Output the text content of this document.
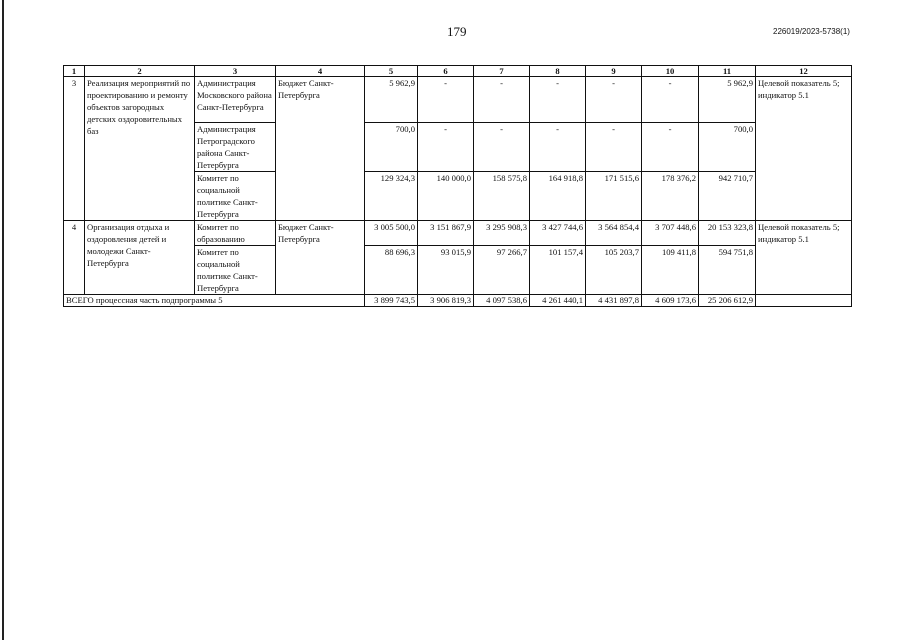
179	226019/2023-5738(1)
1	2	3	4	5	6	7	8	9	10	11	12
3	Реализация мероприятий по проектированию и ремонту объектов загородных детских оздоровительных баз	Администрация Московского района Санкт-Петербурга	Бюджет Санкт-Петербурга	5 962,9	-	-	-	-	-	5 962,9	Целевой показатель 5; индикатор 5.1
		Администрация Петроградского района Санкт-Петербурга		700,0	-	-	-	-	-	700,0	
		Комитет по социальной политике Санкт-Петербурга		129 324,3	140 000,0	158 575,8	164 918,8	171 515,6	178 376,2	942 710,7	
4	Организация отдыха и оздоровления детей и молодежи Санкт-Петербурга	Комитет по образованию	Бюджет Санкт-Петербурга	3 005 500,0	3 151 867,9	3 295 908,3	3 427 744,6	3 564 854,4	3 707 448,6	20 153 323,8	Целевой показатель 5; индикатор 5.1
		Комитет по социальной политике Санкт-Петербурга		88 696,3	93 015,9	97 266,7	101 157,4	105 203,7	109 411,8	594 751,8	
ВСЕГО процессная часть подпрограммы 5				3 899 743,5	3 906 819,3	4 097 538,6	4 261 440,1	4 431 897,8	4 609 173,6	25 206 612,9	
